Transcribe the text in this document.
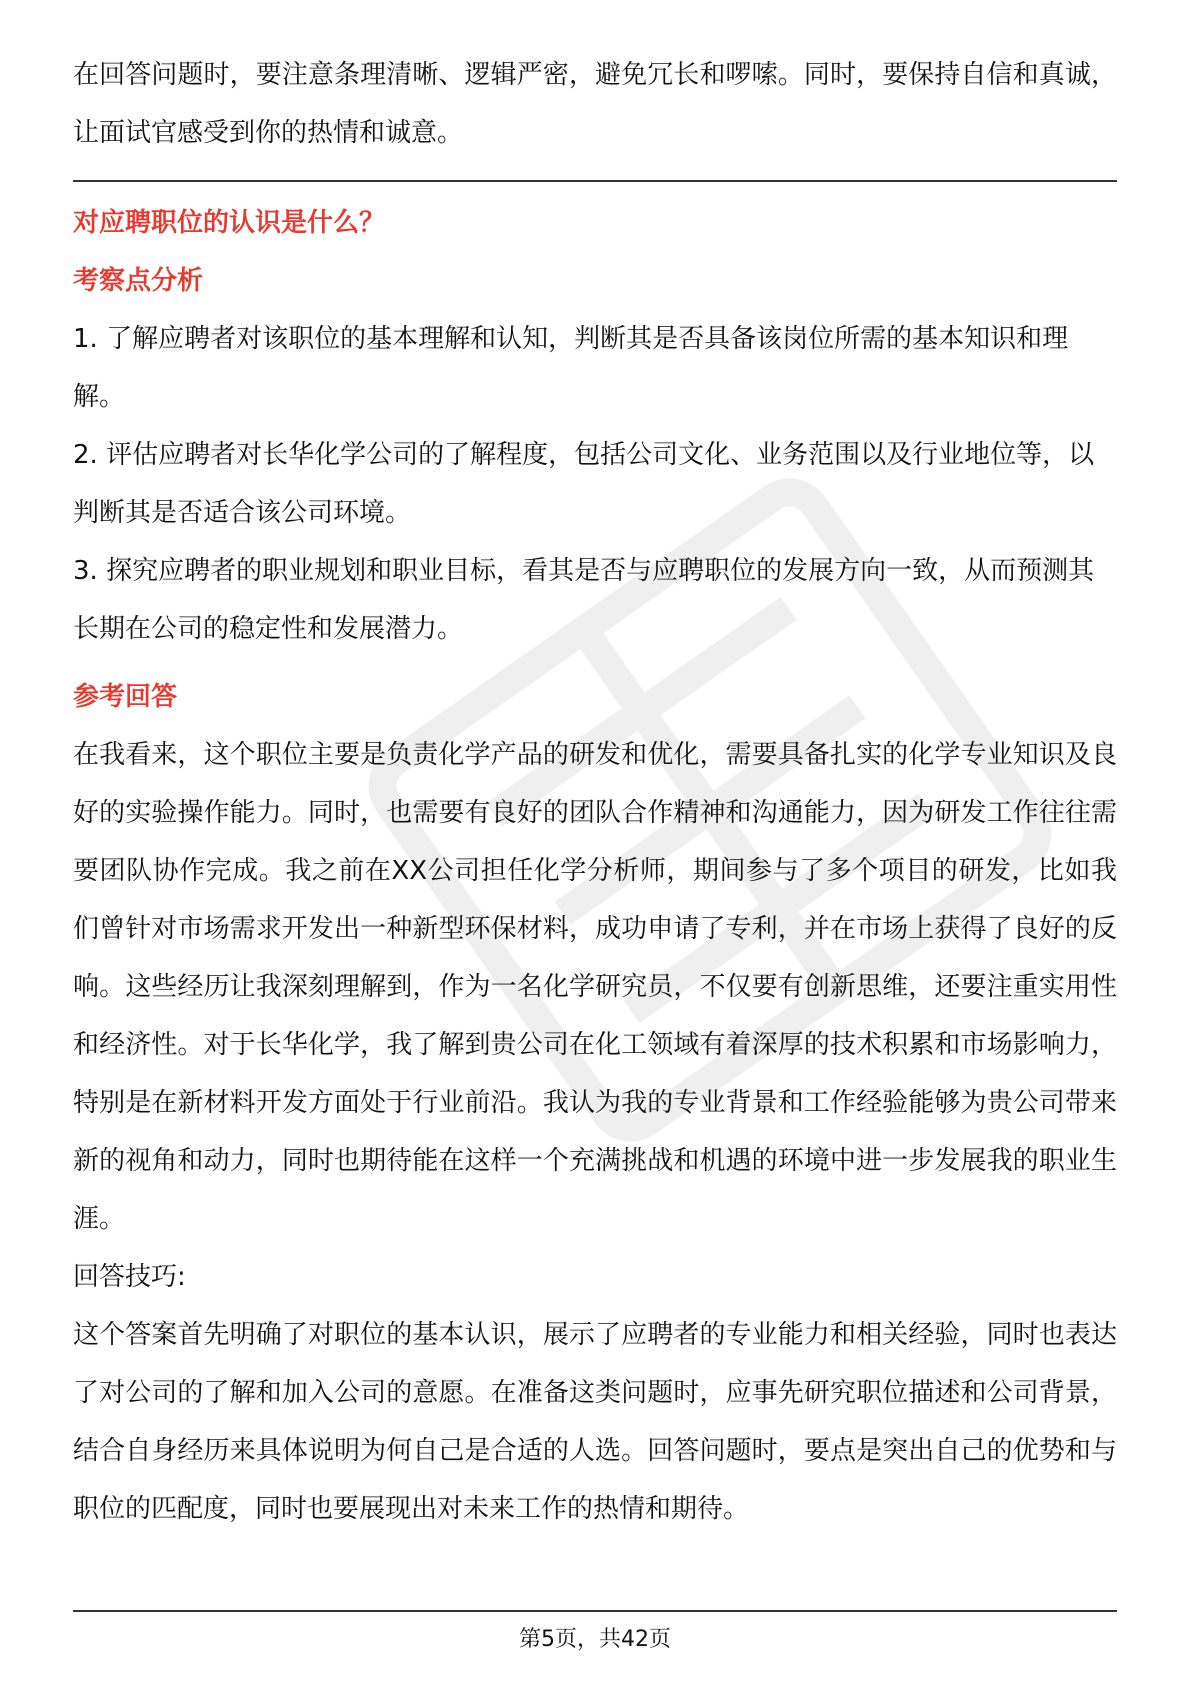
在回答问题时，要注意条理清晰、逻辑严密，避免冗长和啰嗦。同时，要保持自信和真诚，让面试官感受到你的热情和诚意。

对应聘职位的认识是什么？

考察点分析

1. 了解应聘者对该职位的基本理解和认知，判断其是否具备该岗位所需的基本知识和理解。

2. 评估应聘者对长华化学公司的了解程度，包括公司文化、业务范围以及行业地位等，以判断其是否适合该公司环境。

3. 探究应聘者的职业规划和职业目标，看其是否与应聘职位的发展方向一致，从而预测其长期在公司的稳定性和发展潜力。

参考回答

在我看来，这个职位主要是负责化学产品的研发和优化，需要具备扎实的化学专业知识及良好的实验操作能力。同时，也需要有良好的团队合作精神和沟通能力，因为研发工作往往需要团队协作完成。我之前在XX公司担任化学分析师，期间参与了多个项目的研发，比如我们曾针对市场需求开发出一种新型环保材料，成功申请了专利，并在市场上获得了良好的反响。这些经历让我深刻理解到，作为一名化学研究员，不仅要有创新思维，还要注重实用性和经济性。对于长华化学，我了解到贵公司在化工领域有着深厚的技术积累和市场影响力，特别是在新材料开发方面处于行业前沿。我认为我的专业背景和工作经验能够为贵公司带来新的视角和动力，同时也期待能在这样一个充满挑战和机遇的环境中进一步发展我的职业生涯。

回答技巧:

这个答案首先明确了对职位的基本认识，展示了应聘者的专业能力和相关经验，同时也表达了对公司的了解和加入公司的意愿。在准备这类问题时，应事先研究职位描述和公司背景，结合自身经历来具体说明为何自己是合适的人选。回答问题时，要点是突出自己的优势和与职位的匹配度，同时也要展现出对未来工作的热情和期待。

第5页，共42页
